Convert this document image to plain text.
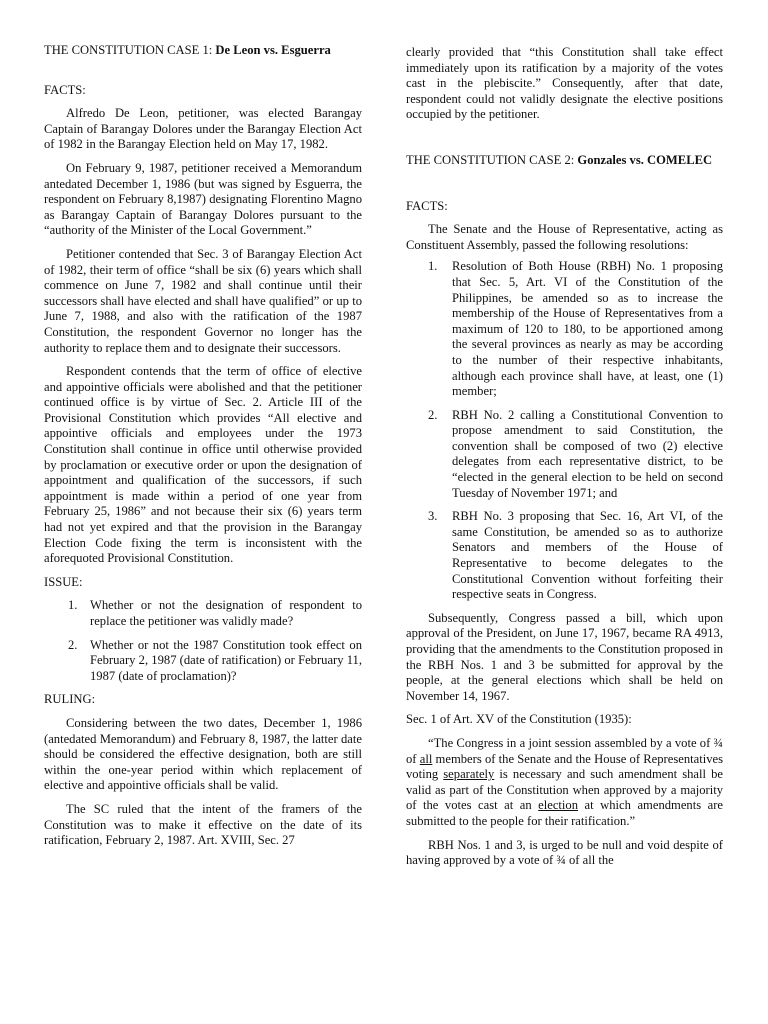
THE CONSTITUTION CASE 1: De Leon vs. Esguerra

FACTS:

Alfredo De Leon, petitioner, was elected Barangay Captain of Barangay Dolores under the Barangay Election Act of 1982 in the Barangay Election held on May 17, 1982.

On February 9, 1987, petitioner received a Memorandum antedated December 1, 1986 (but was signed by Esguerra, the respondent on February 8,1987) designating Florentino Magno as Barangay Captain of Barangay Dolores pursuant to the “authority of the Minister of the Local Government.”

Petitioner contended that Sec. 3 of Barangay Election Act of 1982, their term of office “shall be six (6) years which shall commence on June 7, 1982 and shall continue until their successors shall have elected and shall have qualified” or up to June 7, 1988, and also with the ratification of the 1987 Constitution, the respondent Governor no longer has the authority to replace them and to designate their successors.

Respondent contends that the term of office of elective and appointive officials were abolished and that the petitioner continued office is by virtue of Sec. 2. Article III of the Provisional Constitution which provides “All elective and appointive officials and employees under the 1973 Constitution shall continue in office until otherwise provided by proclamation or executive order or upon the designation of appointment and qualification of the successors, if such appointment is made within a period of one year from February 25, 1986” and not because their six (6) years term had not yet expired and that the provision in the Barangay Election Code fixing the term is inconsistent with the aforequoted Provisional Constitution.

ISSUE:

1. Whether or not the designation of respondent to replace the petitioner was validly made?
2. Whether or not the 1987 Constitution took effect on February 2, 1987 (date of ratification) or February 11, 1987 (date of proclamation)?

RULING:

Considering between the two dates, December 1, 1986 (antedated Memorandum) and February 8, 1987, the latter date should be considered the effective designation, both are still within the one-year period within which replacement of elective and appointive officials shall be valid.

The SC ruled that the intent of the framers of the Constitution was to make it effective on the date of its ratification, February 2, 1987. Art. XVIII, Sec. 27

clearly provided that “this Constitution shall take effect immediately upon its ratification by a majority of the votes cast in the plebiscite.” Consequently, after that date, respondent could not validly designate the elective positions occupied by the petitioner.

THE CONSTITUTION CASE 2: Gonzales vs. COMELEC

FACTS:

The Senate and the House of Representative, acting as Constituent Assembly, passed the following resolutions:

1. Resolution of Both House (RBH) No. 1 proposing that Sec. 5, Art. VI of the Constitution of the Philippines, be amended so as to increase the membership of the House of Representatives from a maximum of 120 to 180, to be apportioned among the several provinces as nearly as may be according to the number of their respective inhabitants, although each province shall have, at least, one (1) member;
2. RBH No. 2 calling a Constitutional Convention to propose amendment to said Constitution, the convention shall be composed of two (2) elective delegates from each representative district, to be “elected in the general election to be held on second Tuesday of November 1971; and
3. RBH No. 3 proposing that Sec. 16, Art VI, of the same Constitution, be amended so as to authorize Senators and members of the House of Representative to become delegates to the Constitutional Convention without forfeiting their respective seats in Congress.

Subsequently, Congress passed a bill, which upon approval of the President, on June 17, 1967, became RA 4913, providing that the amendments to the Constitution proposed in the RBH Nos. 1 and 3 be submitted for approval by the people, at the general elections which shall be held on November 14, 1967.

Sec. 1 of Art. XV of the Constitution (1935):

“The Congress in a joint session assembled by a vote of ¾ of all members of the Senate and the House of Representatives voting separately is necessary and such amendment shall be valid as part of the Constitution when approved by a majority of the votes cast at an election at which amendments are submitted to the people for their ratification.”

RBH Nos. 1 and 3, is urged to be null and void despite of having approved by a vote of ¾ of all the
